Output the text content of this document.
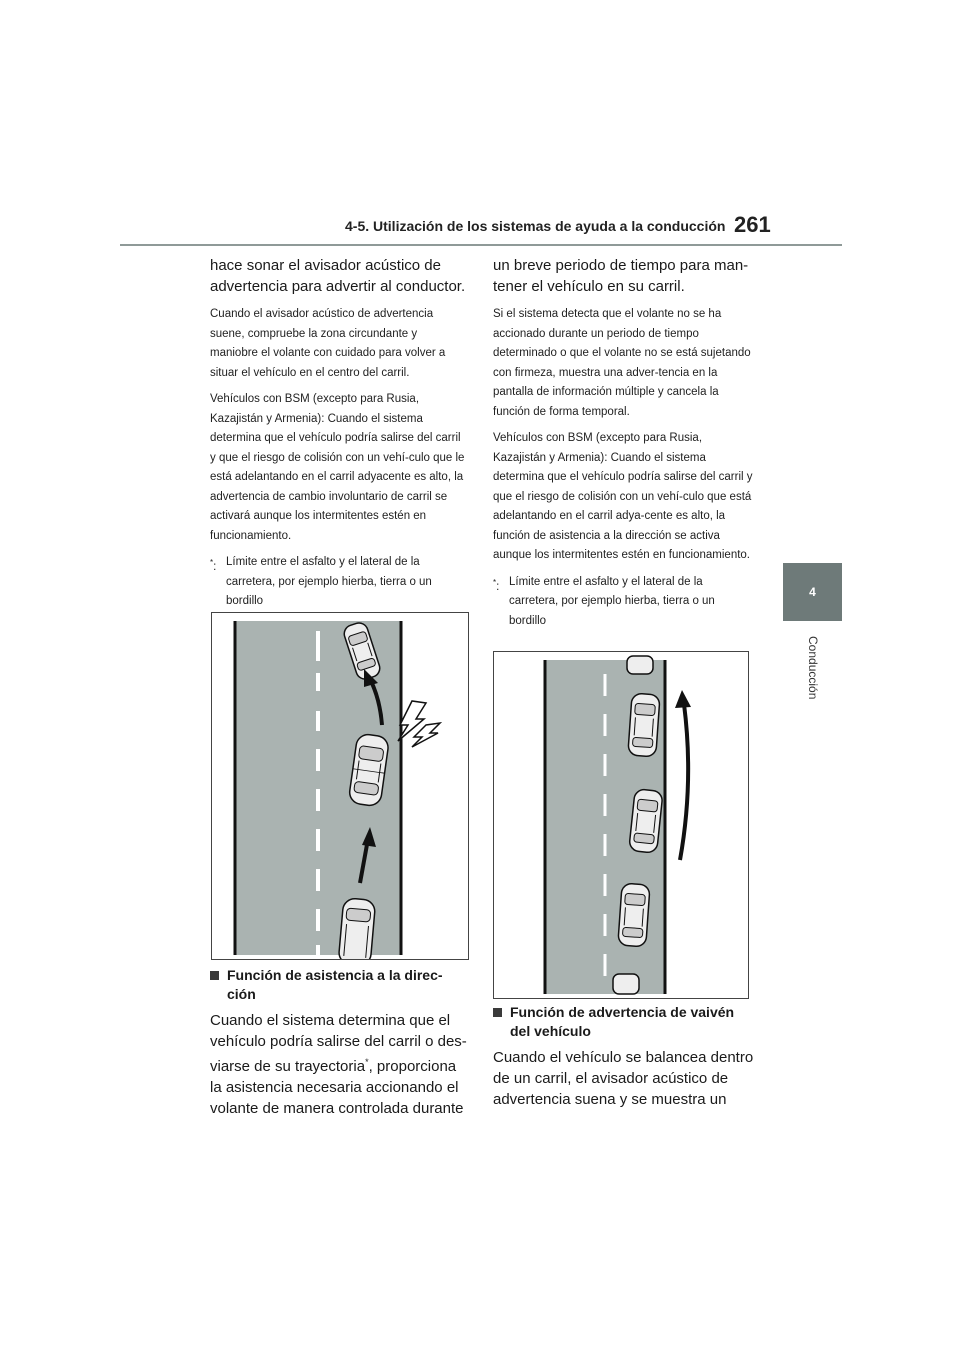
4-5. Utilización de los sistemas de ayuda a la conducción 261
4
Conducción

hace sonar el avisador acústico de advertencia para advertir al conductor.

Cuando el avisador acústico de advertencia suene, compruebe la zona circundante y maniobre el volante con cuidado para volver a situar el vehículo en el centro del carril.

Vehículos con BSM (excepto para Rusia, Kazajistán y Armenia): Cuando el sistema determina que el vehículo podría salirse del carril y que el riesgo de colisión con un vehí-culo que le está adelantando en el carril adyacente es alto, la advertencia de cambio involuntario de carril se activará aunque los intermitentes estén en funcionamiento.

*: Límite entre el asfalto y el lateral de la carretera, por ejemplo hierba, tierra o un bordillo
Función de asistencia a la direc-ción

Cuando el sistema determina que el vehículo podría salirse del carril o des-viarse de su trayectoria*, proporciona la asistencia necesaria accionando el volante de manera controlada durante

un breve periodo de tiempo para man-tener el vehículo en su carril.

Si el sistema detecta que el volante no se ha accionado durante un periodo de tiempo determinado o que el volante no se está sujetando con firmeza, muestra una adver-tencia en la pantalla de información múltiple y cancela la función de forma temporal.

Vehículos con BSM (excepto para Rusia, Kazajistán y Armenia): Cuando el sistema determina que el vehículo podría salirse del carril y que el riesgo de colisión con un vehí-culo que está adelantando en el carril adya-cente es alto, la función de asistencia a la dirección se activa aunque los intermitentes estén en funcionamiento.

*: Límite entre el asfalto y el lateral de la carretera, por ejemplo hierba, tierra o un bordillo
Función de advertencia de vaivén del vehículo

Cuando el vehículo se balancea dentro de un carril, el avisador acústico de advertencia suena y se muestra un
